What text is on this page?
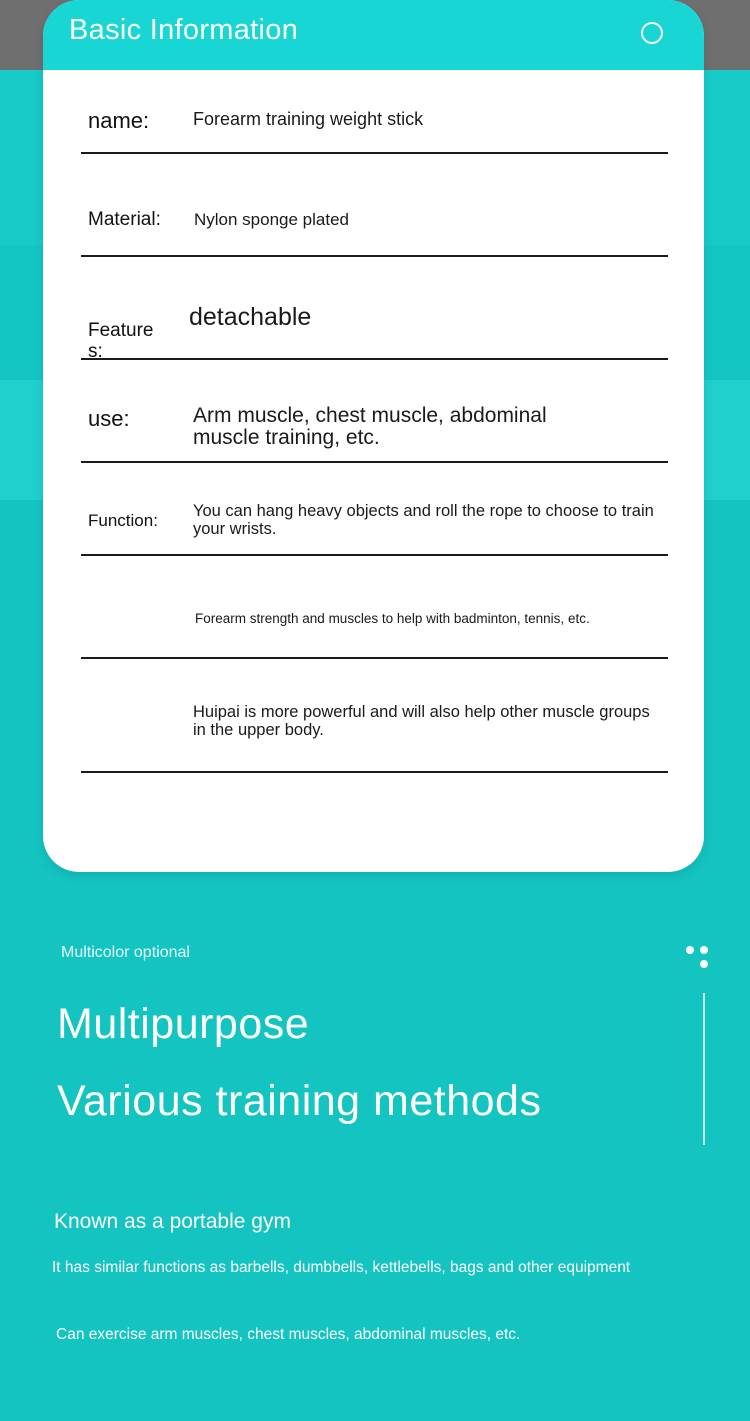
Basic Information
name: Forearm training weight stick
Material: Nylon sponge plated
Feature
s:
detachable
use:	Arm muscle, chest muscle, abdominal muscle training, etc.
Function: You can hang heavy objects and roll the rope to choose to train your wrists.
Forearm strength and muscles to help with badminton, tennis, etc.
Huipai is more powerful and will also help other muscle groups in the upper body.
Multicolor optional
Multipurpose
Various training methods
Known as a portable gym
It has similar functions as barbells, dumbbells, kettlebells, bags and other equipment
Can exercise arm muscles, chest muscles, abdominal muscles, etc.
